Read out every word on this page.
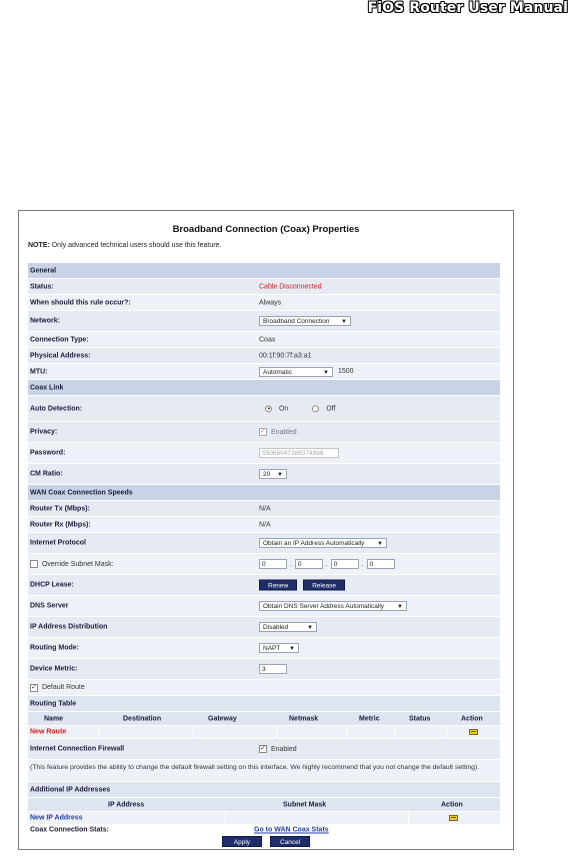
FiOS Router User Manual
Broadband Connection (Coax) Properties
NOTE: Only advanced technical users should use this feature.
General
Status:	Cable Disconnected
When should this rule occur?:	Always
Network:	Broadband Connection ▼
Connection Type:	Coax
Physical Address:	00:1f:90:7f:a3:a1
MTU:	Automatic	▼ 1500
Coax Link
Auto Detection:	On	Off
Privacy:	✓ Enabled
Password:	55066947388374988
CM Ratio:	20 ▼
WAN Coax Connection Speeds
Router Tx (Mbps):	N/A
Router Rx (Mbps):	N/A
Internet Protocol	Obtain an IP Address Automatically ▼
Override Subnet Mask:	0	. 0	. 0	. 0
DHCP Lease:	Renew	Release
DNS Server	Obtain DNS Server Address Automatically ▼
IP Address Distribution	Disabled	▼
Routing Mode:	NAPT ▼
Device Metric:	3
✓ Default Route
Routing Table
Name	Destination	Gateway	Netmask	Metric	Status	Action
New Route
Internet Connection Firewall	✓ Enabled

(This feature provides the ability to change the default firewall setting on this interface. We highly recommend that you not change the default setting).

Additional IP Addresses
IP Address	Subnet Mask	Action
New IP Address
Coax Connection Stats:	Go to WAN Coax Stats
Apply	Cancel
